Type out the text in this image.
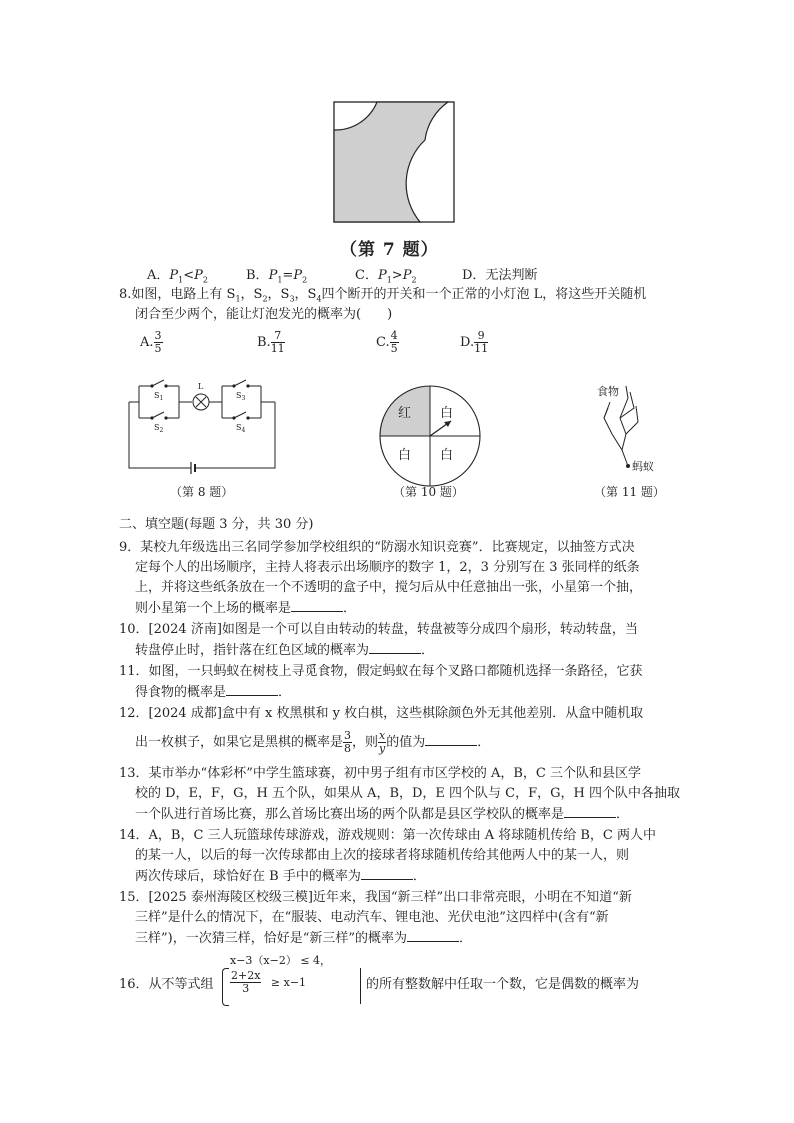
（第 7 题）
A．$P_1<P_2$	B．$P_1=P_2$	C．$P_1>P_2$	D．无法判断
8.如图，电路上有 $S_1$，$S_2$，$S_3$，$S_4$四个断开的开关和一个正常的小灯泡 L，将这些开关随机
闭合至少两个，能让灯泡发光的概率为(　　)
A. $\frac{3}{5}$	B. $\frac{7}{11}$	C. $\frac{4}{5}$	D. $\frac{9}{11}$
$S_1$
$S_2$
$S_3$
$S_4$
L
（第 8 题）
红 白
白 白
（第 10 题）
食物
蚂蚁
（第 11 题）
二、填空题(每题 3 分，共 30 分)
9．某校九年级选出三名同学参加学校组织的“防溺水知识竞赛”．比赛规定，以抽签方式决
定每个人的出场顺序，主持人将表示出场顺序的数字 1，2，3 分别写在 3 张同样的纸条
上，并将这些纸条放在一个不透明的盒子中，搅匀后从中任意抽出一张，小星第一个抽，
则小星第一个上场的概率是	．
10．[2024 济南]如图是一个可以自由转动的转盘，转盘被等分成四个扇形，转动转盘，当
转盘停止时，指针落在红色区域的概率为	．
11．如图，一只蚂蚁在树枝上寻觅食物，假定蚂蚁在每个叉路口都随机选择一条路径，它获
得食物的概率是	．
12．[2024 成都]盒中有 x 枚黑棋和 y 枚白棋，这些棋除颜色外无其他差别．从盒中随机取
出一枚棋子，如果它是黑棋的概率是 $\frac{3}{8}$ ，则 $\frac{x}{y}$ 的值为	．
13．某市举办“体彩杯”中学生篮球赛，初中男子组有市区学校的 A，B，C 三个队和县区学
校的 D，E，F，G，H 五个队，如果从 A，B，D，E 四个队与 C，F，G，H 四个队中各抽取
一个队进行首场比赛，那么首场比赛出场的两个队都是县区学校队的概率是	．
14．A，B，C 三人玩篮球传球游戏，游戏规则：第一次传球由 A 将球随机传给 B，C 两人中
的某一人，以后的每一次传球都由上次的接球者将球随机传给其他两人中的某一人，则
两次传球后，球恰好在 B 手中的概率为	．
15．[2025 泰州海陵区校级三模]近年来，我国“新三样”出口非常亮眼，小明在不知道“新
三样”是什么的情况下，在“服装、电动汽车、锂电池、光伏电池”这四样中(含有“新
三样”)，一次猜三样，恰好是“新三样”的概率为	．
16．从不等式组
x−3（x−2） ≤ 4，
$\frac{2+2x}{3} \ge x-1$	的所有整数解中任取一个数，它是偶数的概率为
